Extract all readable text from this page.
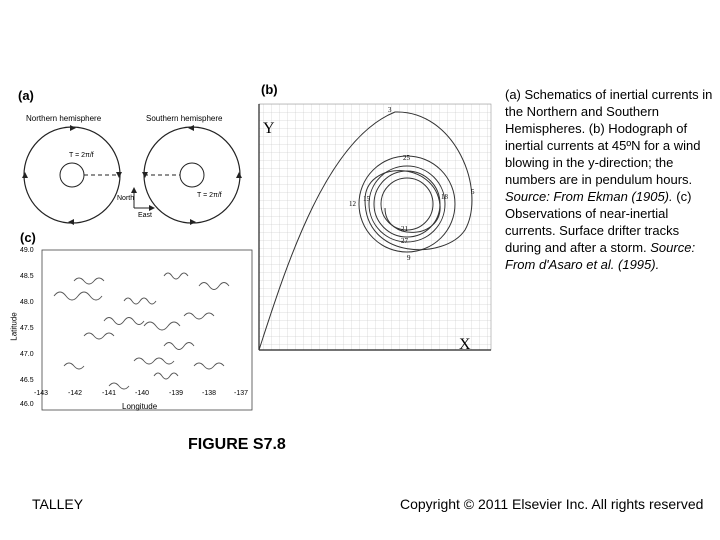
(a)
Northern hemisphere	Southern hemisphere
T = 2π/f
T = 2π/f
North
East
(b)
Y
X
3
25
5
18
12
15
21
27
9
(c)
49.0
48.5
48.0
47.5
47.0
46.5
46.0
Latitude
-143	-142	-141	-140	-139	-138	-137
Longitude
(a) Schematics of inertial currents in the Northern and Southern Hemispheres. (b) Hodograph of inertial currents at 45ºN for a wind blowing in the y-direction; the numbers are in pendulum hours. Source: From Ekman (1905). (c) Observations of near-inertial currents. Surface drifter tracks during and after a storm. Source: From d'Asaro et al. (1995).
FIGURE S7.8
TALLEY	Copyright © 2011 Elsevier Inc. All rights reserved
